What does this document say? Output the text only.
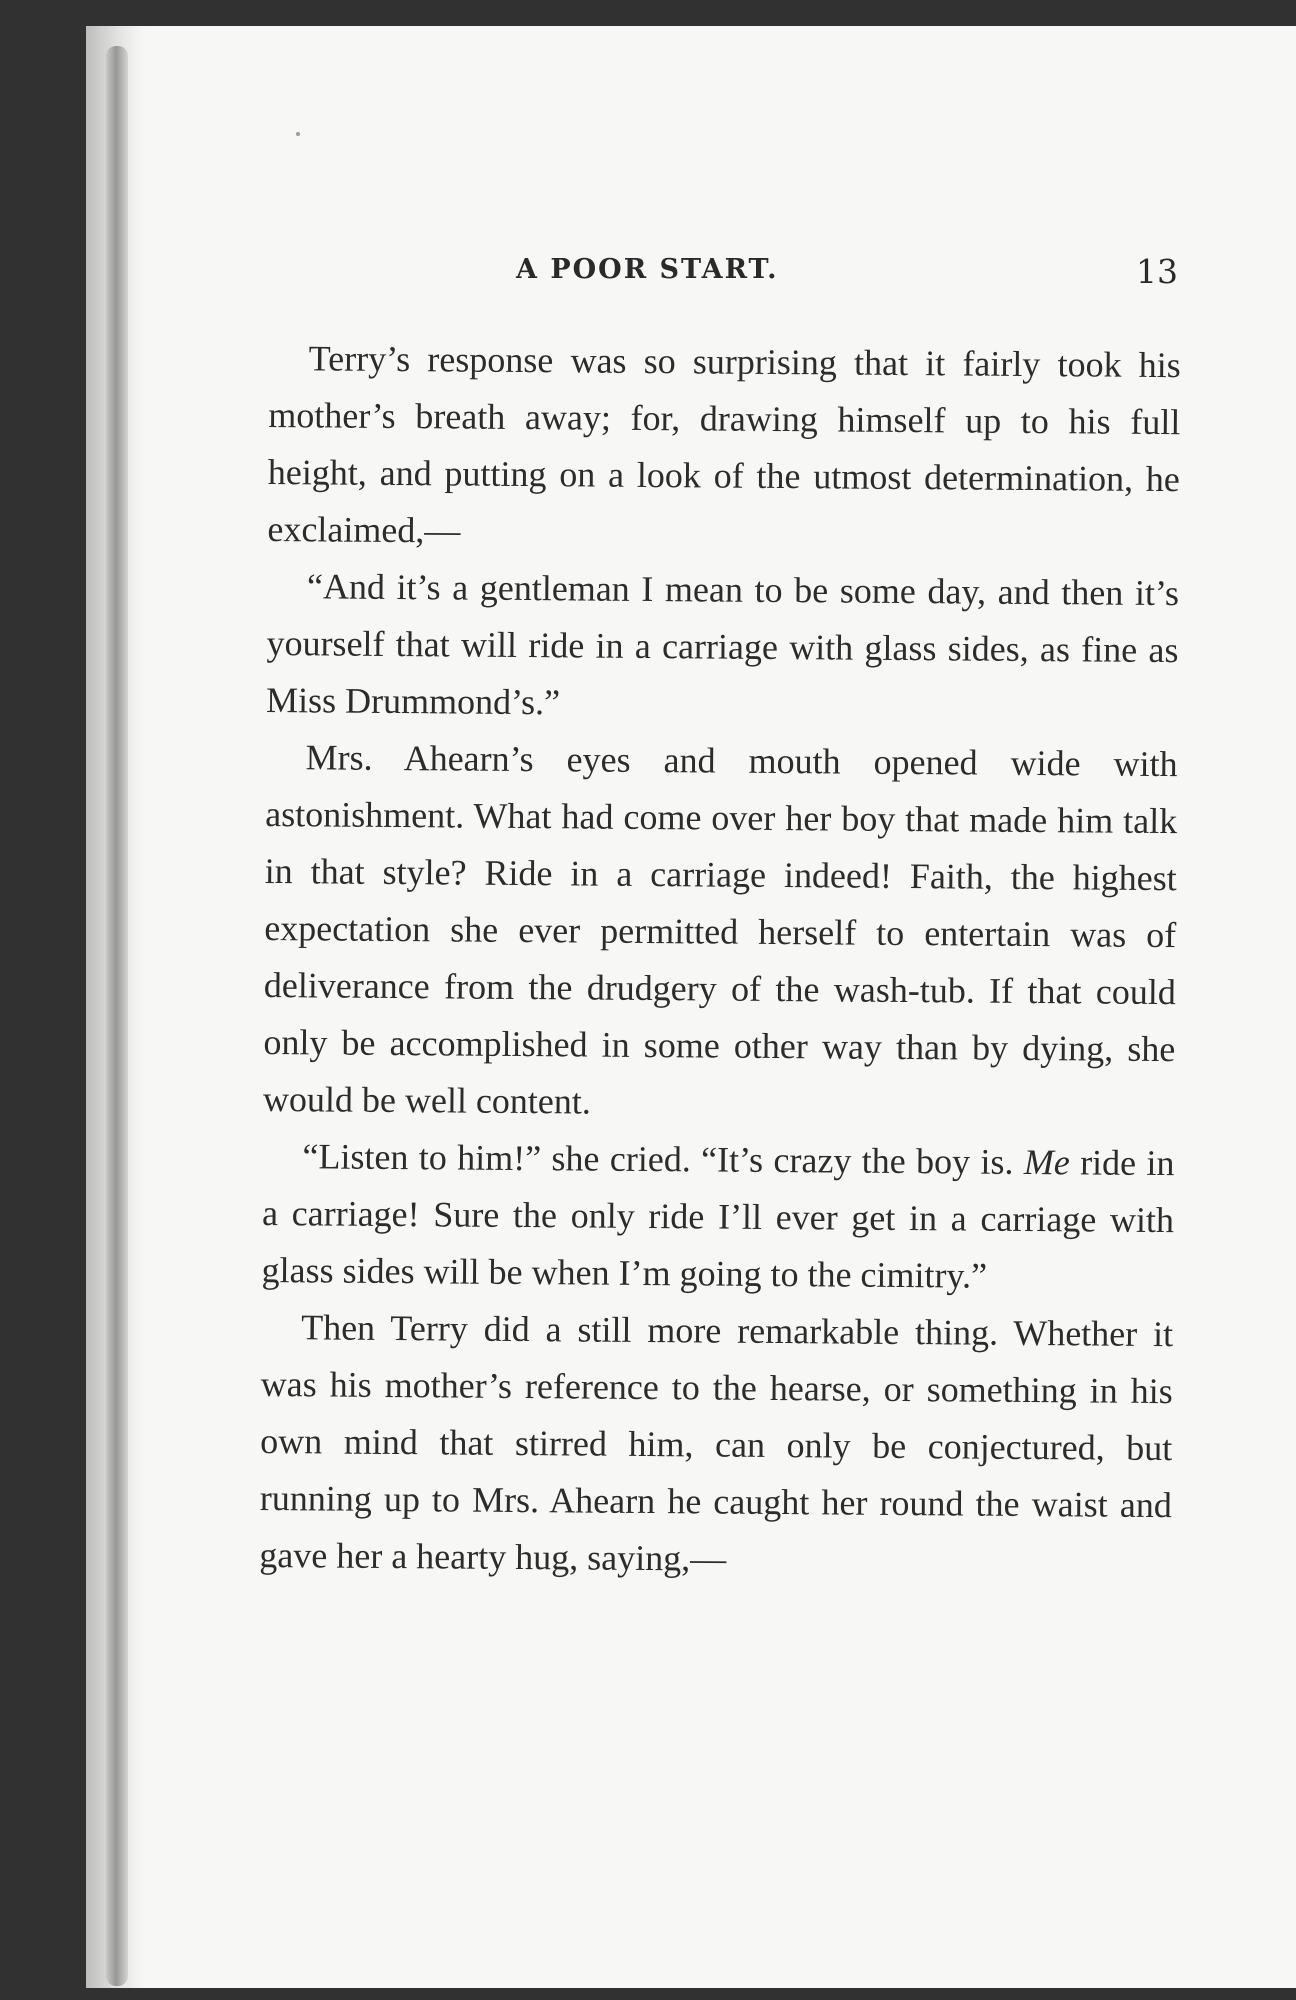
A POOR START.	13

Terry’s response was so surprising that it fairly took his mother’s breath away; for, drawing himself up to his full height, and putting on a look of the utmost determination, he exclaimed,—

“And it’s a gentleman I mean to be some day, and then it’s yourself that will ride in a carriage with glass sides, as fine as Miss Drummond’s.”

Mrs. Ahearn’s eyes and mouth opened wide with astonishment. What had come over her boy that made him talk in that style? Ride in a carriage indeed! Faith, the highest expectation she ever permitted herself to entertain was of deliverance from the drudgery of the wash-tub. If that could only be accomplished in some other way than by dying, she would be well content.

“Listen to him!” she cried. “It’s crazy the boy is. Me ride in a carriage! Sure the only ride I’ll ever get in a carriage with glass sides will be when I’m going to the cimitry.”

Then Terry did a still more remarkable thing. Whether it was his mother’s reference to the hearse, or something in his own mind that stirred him, can only be conjectured, but running up to Mrs. Ahearn he caught her round the waist and gave her a hearty hug, saying,—
